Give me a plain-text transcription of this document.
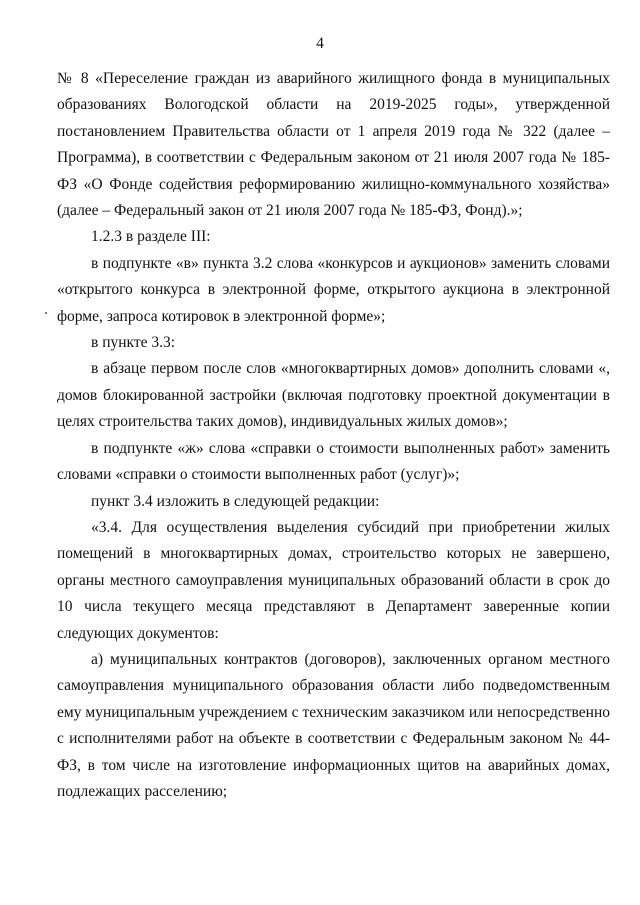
4

№ 8 «Переселение граждан из аварийного жилищного фонда в муниципальных образованиях Вологодской области на 2019-2025 годы», утвержденной постановлением Правительства области от 1 апреля 2019 года № 322 (далее – Программа), в соответствии с Федеральным законом от 21 июля 2007 года № 185-ФЗ «О Фонде содействия реформированию жилищно-коммунального хозяйства» (далее – Федеральный закон от 21 июля 2007 года № 185-ФЗ, Фонд).»;

1.2.3 в разделе III:

в подпункте «в» пункта 3.2 слова «конкурсов и аукционов» заменить словами «открытого конкурса в электронной форме, открытого аукциона в электронной форме, запроса котировок в электронной форме»;

в пункте 3.3:

в абзаце первом после слов «многоквартирных домов» дополнить словами «, домов блокированной застройки (включая подготовку проектной документации в целях строительства таких домов), индивидуальных жилых домов»;

в подпункте «ж» слова «справки о стоимости выполненных работ» заменить словами «справки о стоимости выполненных работ (услуг)»;

пункт 3.4 изложить в следующей редакции:

«3.4. Для осуществления выделения субсидий при приобретении жилых помещений в многоквартирных домах, строительство которых не завершено, органы местного самоуправления муниципальных образований области в срок до 10 числа текущего месяца представляют в Департамент заверенные копии следующих документов:

а) муниципальных контрактов (договоров), заключенных органом местного самоуправления муниципального образования области либо подведомственным ему муниципальным учреждением с техническим заказчиком или непосредственно с исполнителями работ на объекте в соответствии с Федеральным законом № 44-ФЗ, в том числе на изготовление информационных щитов на аварийных домах, подлежащих расселению;
